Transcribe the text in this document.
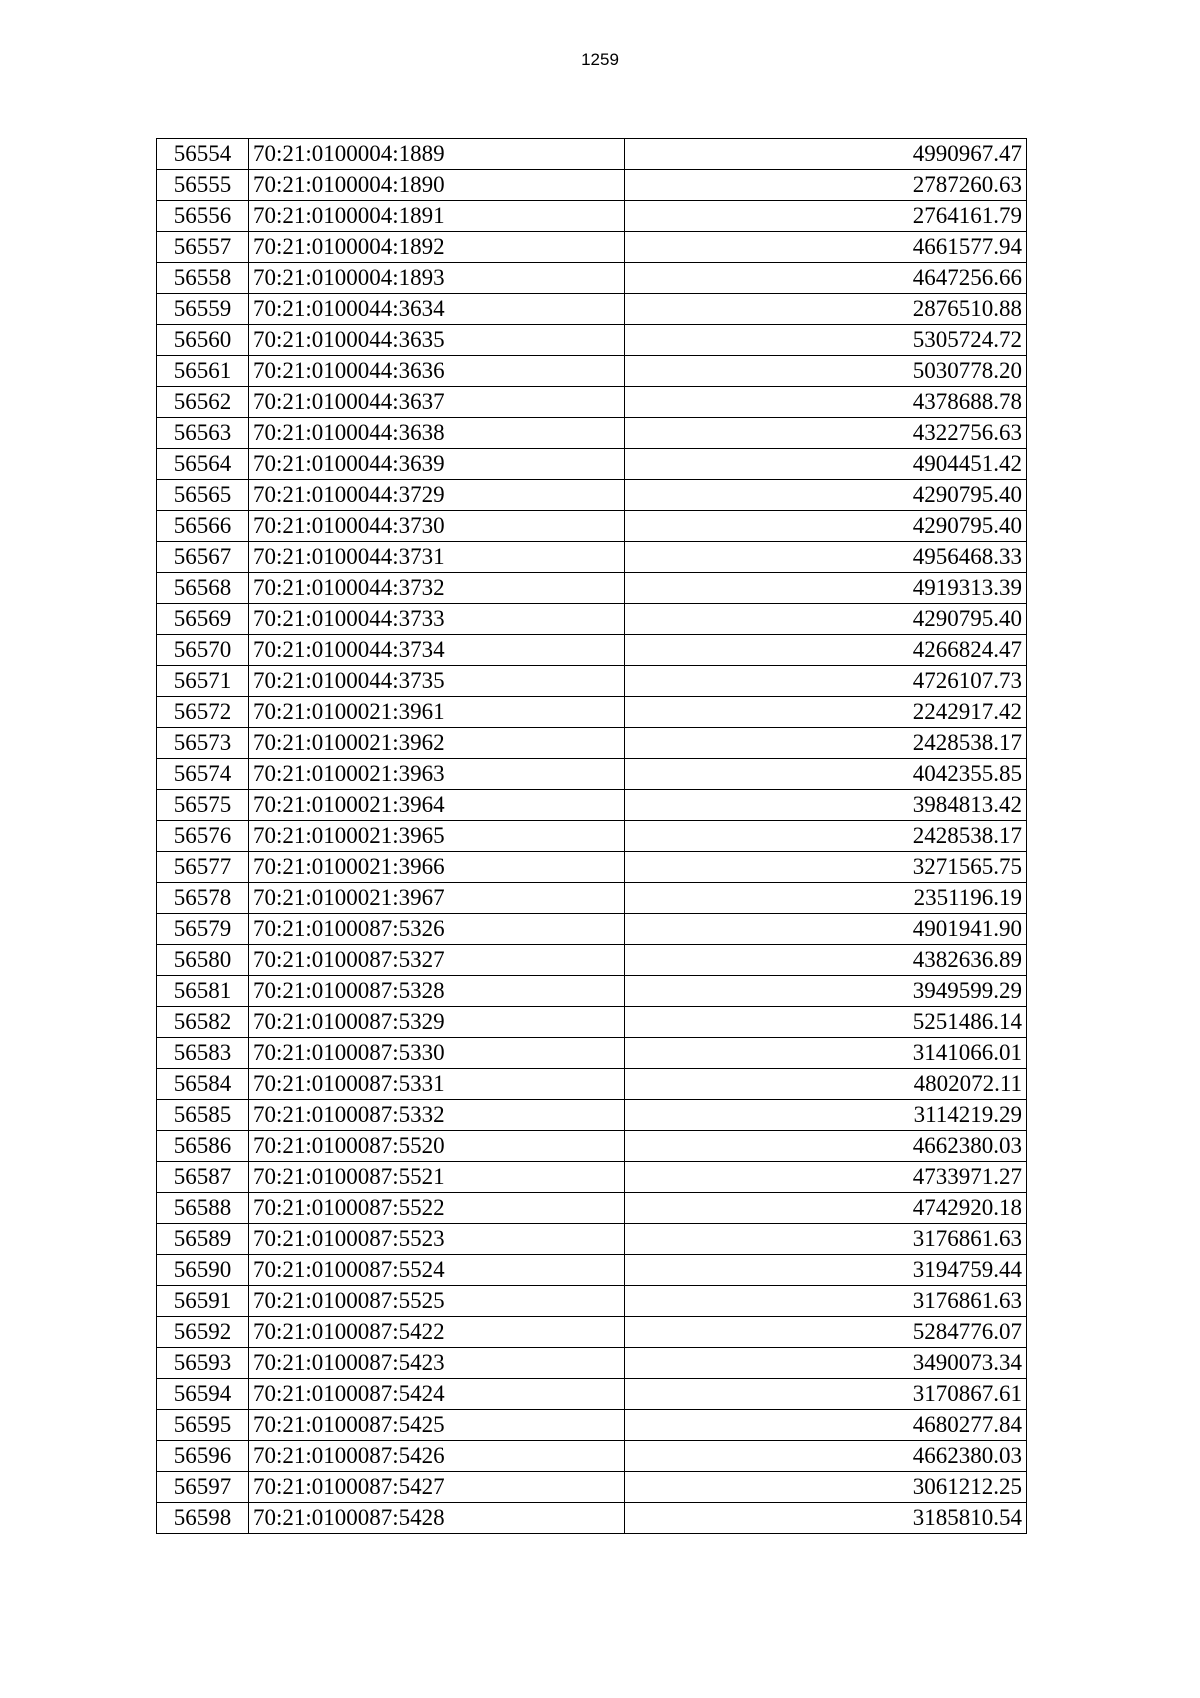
1259
56554	70:21:0100004:1889	4990967.47
56555	70:21:0100004:1890	2787260.63
56556	70:21:0100004:1891	2764161.79
56557	70:21:0100004:1892	4661577.94
56558	70:21:0100004:1893	4647256.66
56559	70:21:0100044:3634	2876510.88
56560	70:21:0100044:3635	5305724.72
56561	70:21:0100044:3636	5030778.20
56562	70:21:0100044:3637	4378688.78
56563	70:21:0100044:3638	4322756.63
56564	70:21:0100044:3639	4904451.42
56565	70:21:0100044:3729	4290795.40
56566	70:21:0100044:3730	4290795.40
56567	70:21:0100044:3731	4956468.33
56568	70:21:0100044:3732	4919313.39
56569	70:21:0100044:3733	4290795.40
56570	70:21:0100044:3734	4266824.47
56571	70:21:0100044:3735	4726107.73
56572	70:21:0100021:3961	2242917.42
56573	70:21:0100021:3962	2428538.17
56574	70:21:0100021:3963	4042355.85
56575	70:21:0100021:3964	3984813.42
56576	70:21:0100021:3965	2428538.17
56577	70:21:0100021:3966	3271565.75
56578	70:21:0100021:3967	2351196.19
56579	70:21:0100087:5326	4901941.90
56580	70:21:0100087:5327	4382636.89
56581	70:21:0100087:5328	3949599.29
56582	70:21:0100087:5329	5251486.14
56583	70:21:0100087:5330	3141066.01
56584	70:21:0100087:5331	4802072.11
56585	70:21:0100087:5332	3114219.29
56586	70:21:0100087:5520	4662380.03
56587	70:21:0100087:5521	4733971.27
56588	70:21:0100087:5522	4742920.18
56589	70:21:0100087:5523	3176861.63
56590	70:21:0100087:5524	3194759.44
56591	70:21:0100087:5525	3176861.63
56592	70:21:0100087:5422	5284776.07
56593	70:21:0100087:5423	3490073.34
56594	70:21:0100087:5424	3170867.61
56595	70:21:0100087:5425	4680277.84
56596	70:21:0100087:5426	4662380.03
56597	70:21:0100087:5427	3061212.25
56598	70:21:0100087:5428	3185810.54
